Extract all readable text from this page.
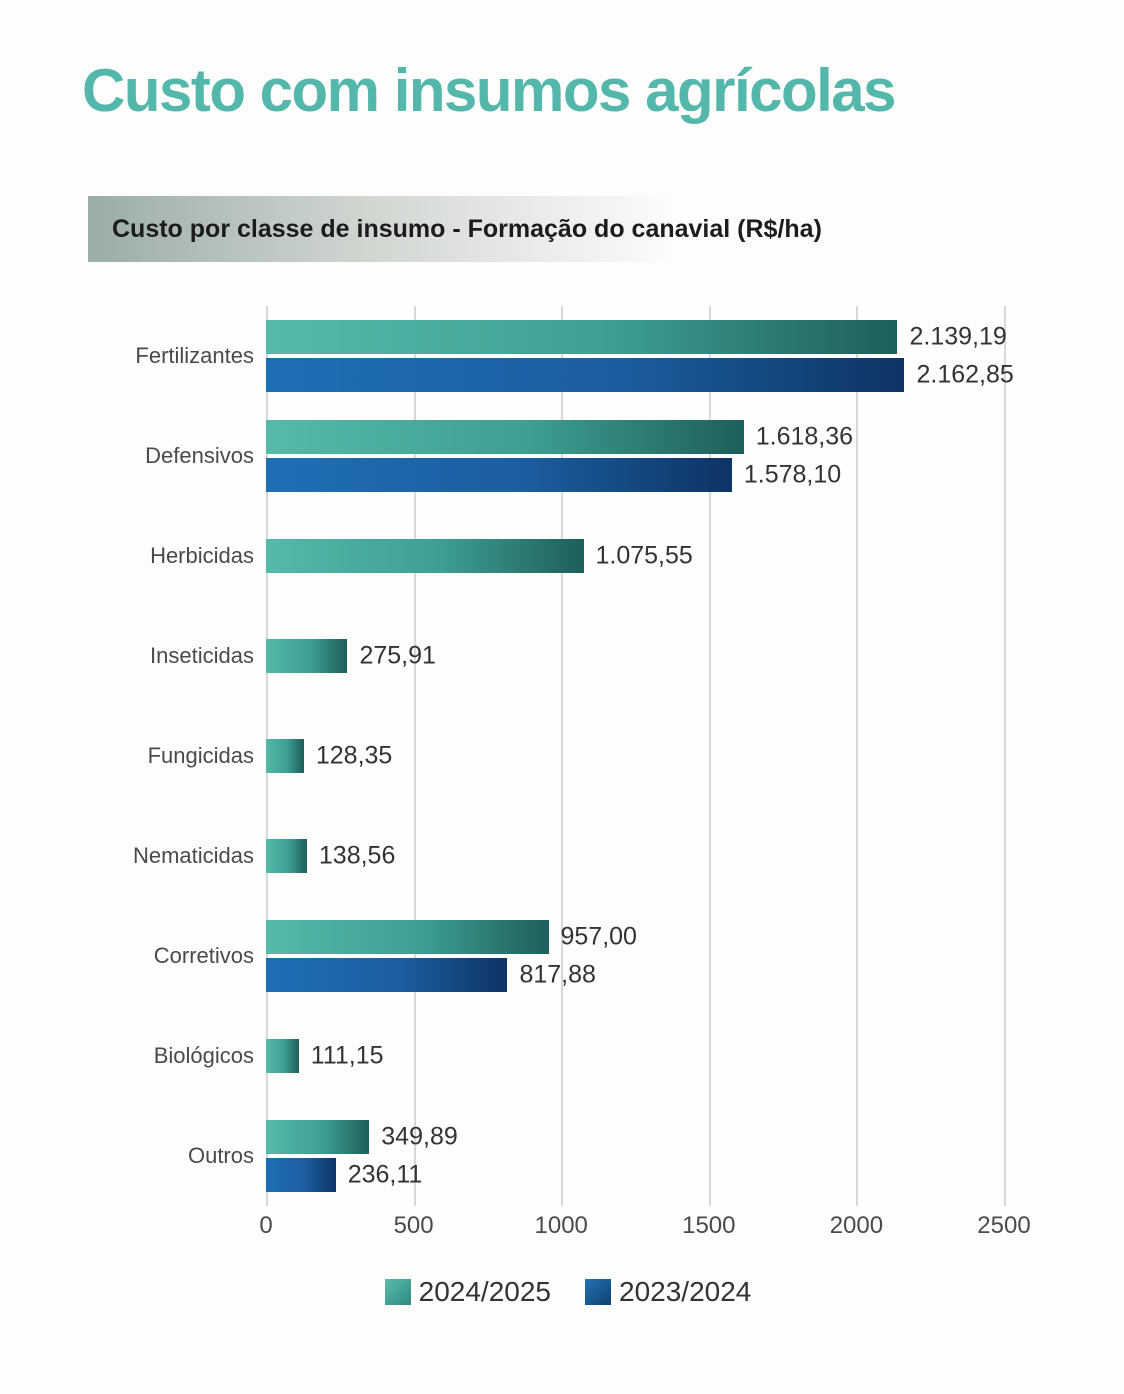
Custo com insumos agrícolas
Custo por classe de insumo - Formação do canavial (R$/ha)
Fertilizantes
2.139,19
2.162,85
Defensivos
1.618,36
1.578,10
Herbicidas	1.075,55
Inseticidas	275,91
Fungicidas 128,35
Nematicidas	138,56
Corretivos
957,00
817,88
Biológicos 111,15
Outros
349,89
236,11
0	500	1000	1500	2000	2500
2024/2025 2023/2024
